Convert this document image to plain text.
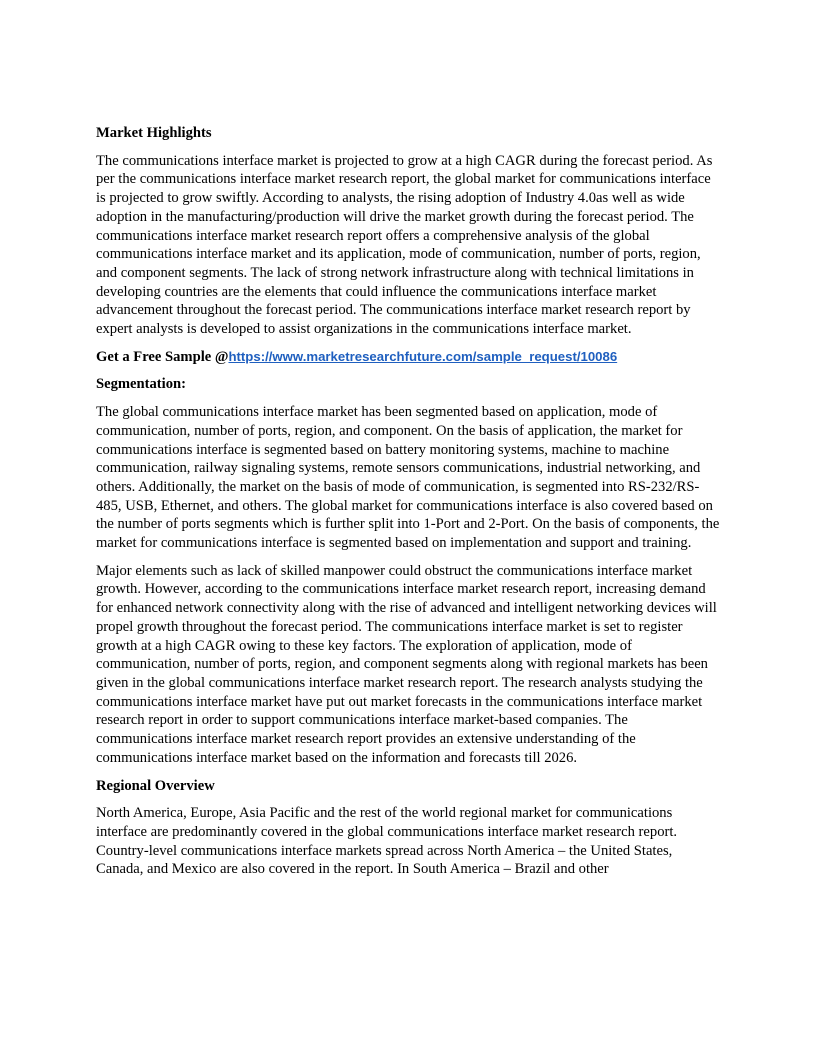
Market Highlights

The communications interface market is projected to grow at a high CAGR during the forecast period. As per the communications interface market research report, the global market for communications interface is projected to grow swiftly. According to analysts, the rising adoption of Industry 4.0as well as wide adoption in the manufacturing/production will drive the market growth during the forecast period. The communications interface market research report offers a comprehensive analysis of the global communications interface market and its application, mode of communication, number of ports, region, and component segments. The lack of strong network infrastructure along with technical limitations in developing countries are the elements that could influence the communications interface market advancement throughout the forecast period. The communications interface market research report by expert analysts is developed to assist organizations in the communications interface market.

Get a Free Sample @https://www.marketresearchfuture.com/sample_request/10086
Segmentation:

The global communications interface market has been segmented based on application, mode of communication, number of ports, region, and component. On the basis of application, the market for communications interface is segmented based on battery monitoring systems, machine to machine communication, railway signaling systems, remote sensors communications, industrial networking, and others. Additionally, the market on the basis of mode of communication, is segmented into RS-232/RS-485, USB, Ethernet, and others. The global market for communications interface is also covered based on the number of ports segments which is further split into 1-Port and 2-Port. On the basis of components, the market for communications interface is segmented based on implementation and support and training.

Major elements such as lack of skilled manpower could obstruct the communications interface market growth. However, according to the communications interface market research report, increasing demand for enhanced network connectivity along with the rise of advanced and intelligent networking devices will propel growth throughout the forecast period. The communications interface market is set to register growth at a high CAGR owing to these key factors. The exploration of application, mode of communication, number of ports, region, and component segments along with regional markets has been given in the global communications interface market research report. The research analysts studying the communications interface market have put out market forecasts in the communications interface market research report in order to support communications interface market-based companies. The communications interface market research report provides an extensive understanding of the communications interface market based on the information and forecasts till 2026.

Regional Overview

North America, Europe, Asia Pacific and the rest of the world regional market for communications interface are predominantly covered in the global communications interface market research report. Country-level communications interface markets spread across North America – the United States, Canada, and Mexico are also covered in the report. In South America – Brazil and other
